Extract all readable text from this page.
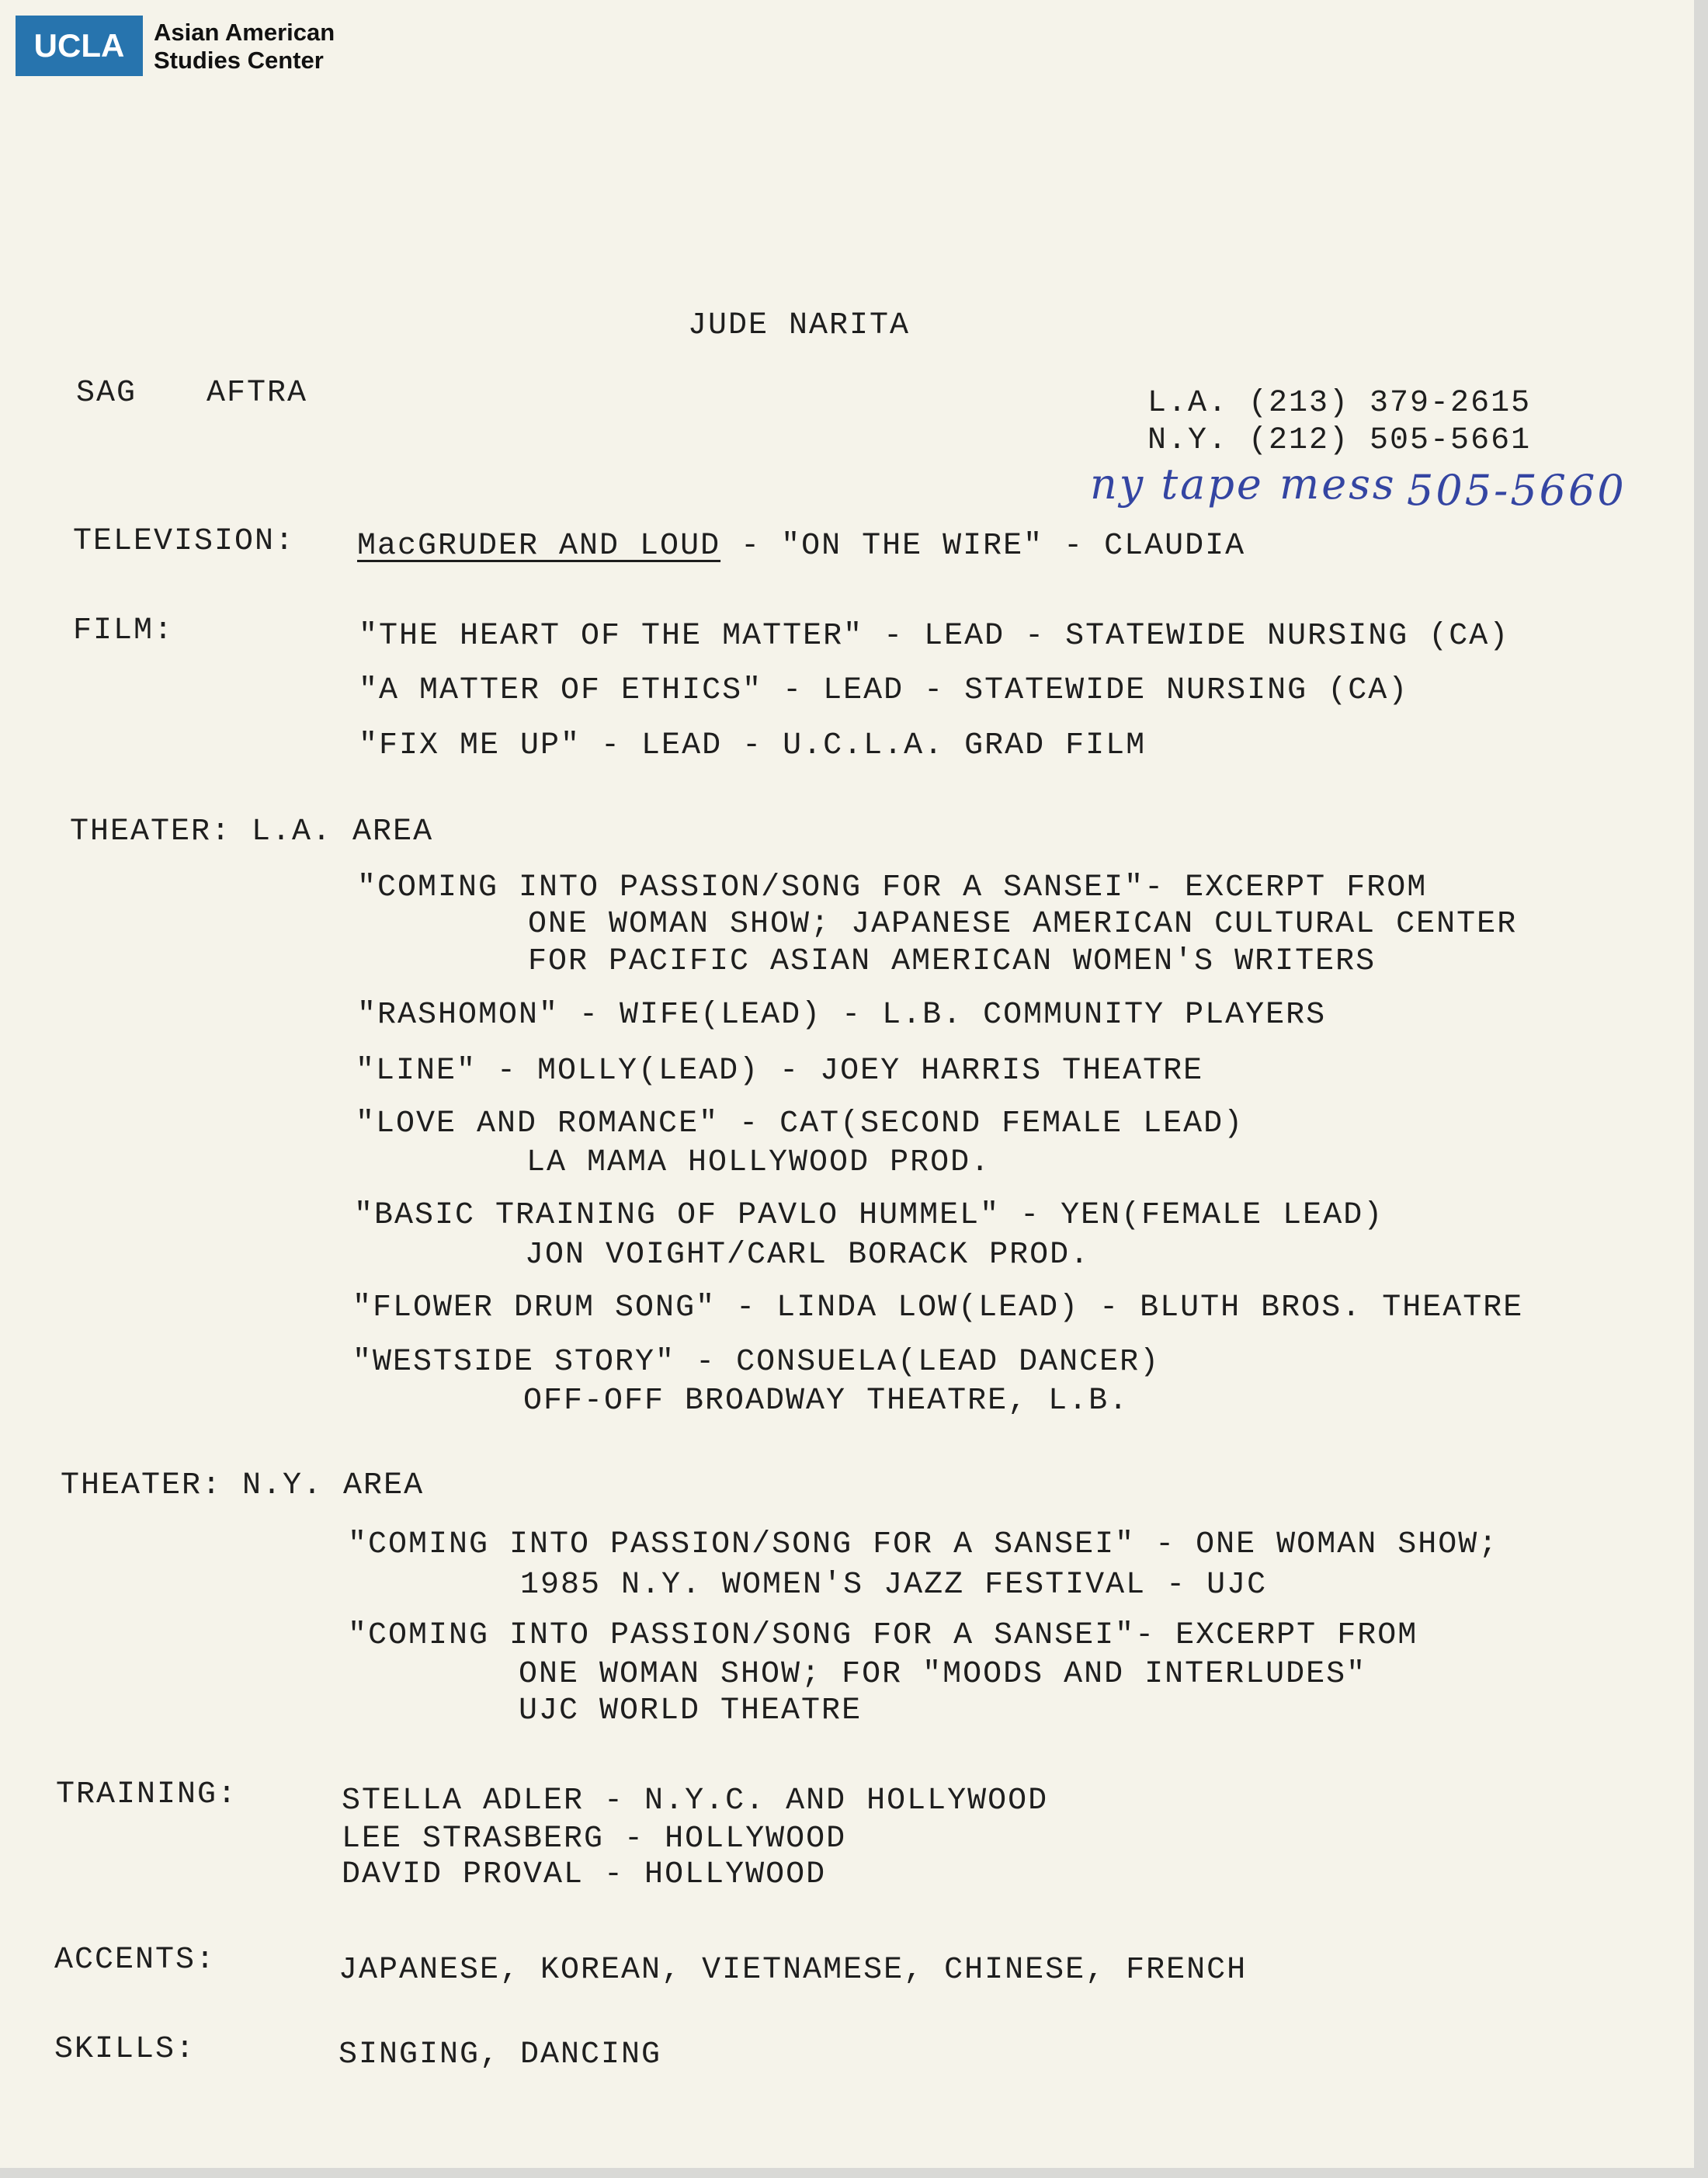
UCLA	Asian American
Studies Center
JUDE NARITA
SAG AFTRA	L.A. (213) 379-2615
N.Y. (212) 505-5661
ny tape mess 505-5660
TELEVISION: MacGRUDER AND LOUD - "ON THE WIRE" - CLAUDIA
FILM:	"THE HEART OF THE MATTER" - LEAD - STATEWIDE NURSING (CA)
"A MATTER OF ETHICS" - LEAD - STATEWIDE NURSING (CA)
"FIX ME UP" - LEAD - U.C.L.A. GRAD FILM
THEATER: L.A. AREA
"COMING INTO PASSION/SONG FOR A SANSEI"- EXCERPT FROM
ONE WOMAN SHOW; JAPANESE AMERICAN CULTURAL CENTER
FOR PACIFIC ASIAN AMERICAN WOMEN'S WRITERS
"RASHOMON" - WIFE(LEAD) - L.B. COMMUNITY PLAYERS
"LINE" - MOLLY(LEAD) - JOEY HARRIS THEATRE
"LOVE AND ROMANCE" - CAT(SECOND FEMALE LEAD)
LA MAMA HOLLYWOOD PROD.
"BASIC TRAINING OF PAVLO HUMMEL" - YEN(FEMALE LEAD)
JON VOIGHT/CARL BORACK PROD.
"FLOWER DRUM SONG" - LINDA LOW(LEAD) - BLUTH BROS. THEATRE
"WESTSIDE STORY" - CONSUELA(LEAD DANCER)
OFF-OFF BROADWAY THEATRE, L.B.
THEATER: N.Y. AREA
"COMING INTO PASSION/SONG FOR A SANSEI" - ONE WOMAN SHOW;
1985 N.Y. WOMEN'S JAZZ FESTIVAL - UJC
"COMING INTO PASSION/SONG FOR A SANSEI"- EXCERPT FROM
ONE WOMAN SHOW; FOR "MOODS AND INTERLUDES"
UJC WORLD THEATRE
TRAINING:	STELLA ADLER - N.Y.C. AND HOLLYWOOD
LEE STRASBERG - HOLLYWOOD
DAVID PROVAL - HOLLYWOOD
ACCENTS:	JAPANESE, KOREAN, VIETNAMESE, CHINESE, FRENCH
SKILLS:	SINGING, DANCING
